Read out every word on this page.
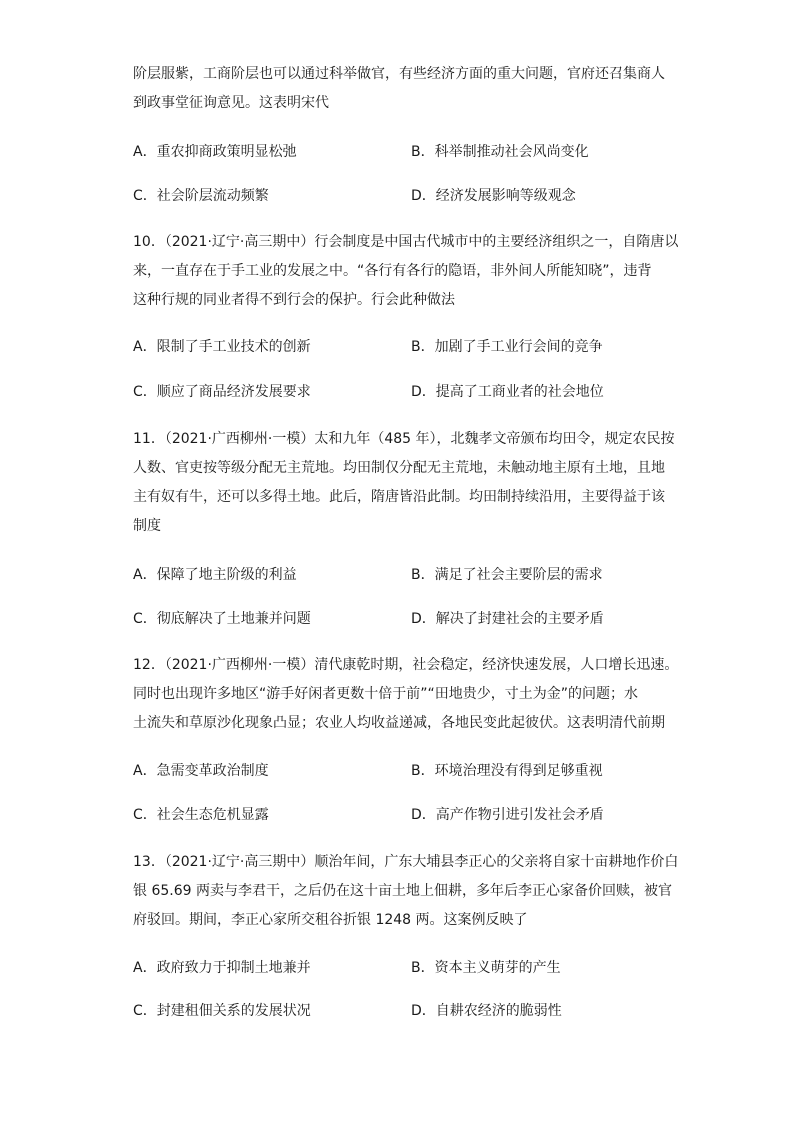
阶层服紫，工商阶层也可以通过科举做官，有些经济方面的重大问题，官府还召集商人
到政事堂征询意见。这表明宋代

A．重农抑商政策明显松弛	B．科举制推动社会风尚变化
C．社会阶层流动频繁	D．经济发展影响等级观念

10．（2021·辽宁·高三期中）行会制度是中国古代城市中的主要经济组织之一，自隋唐以
来，一直存在于手工业的发展之中。“各行有各行的隐语，非外间人所能知晓”，违背
这种行规的同业者得不到行会的保护。行会此种做法

A．限制了手工业技术的创新	B．加剧了手工业行会间的竞争
C．顺应了商品经济发展要求	D．提高了工商业者的社会地位

11．（2021·广西柳州·一模）太和九年（485 年），北魏孝文帝颁布均田令，规定农民按
人数、官吏按等级分配无主荒地。均田制仅分配无主荒地，未触动地主原有土地，且地
主有奴有牛，还可以多得土地。此后，隋唐皆沿此制。均田制持续沿用，主要得益于该
制度

A．保障了地主阶级的利益	B．满足了社会主要阶层的需求
C．彻底解决了土地兼并问题	D．解决了封建社会的主要矛盾

12．（2021·广西柳州·一模）清代康乾时期，社会稳定，经济快速发展，人口增长迅速。
同时也出现许多地区“游手好闲者更数十倍于前”“田地贵少，寸土为金”的问题；水
土流失和草原沙化现象凸显；农业人均收益递减，各地民变此起彼伏。这表明清代前期

A．急需变革政治制度	B．环境治理没有得到足够重视
C．社会生态危机显露	D．高产作物引进引发社会矛盾

13．（2021·辽宁·高三期中）顺治年间，广东大埔县李正心的父亲将自家十亩耕地作价白
银 65.69 两卖与李君干，之后仍在这十亩土地上佃耕，多年后李正心家备价回赎，被官
府驳回。期间，李正心家所交租谷折银 1248 两。这案例反映了

A．政府致力于抑制土地兼并	B．资本主义萌芽的产生
C．封建租佃关系的发展状况	D．自耕农经济的脆弱性
